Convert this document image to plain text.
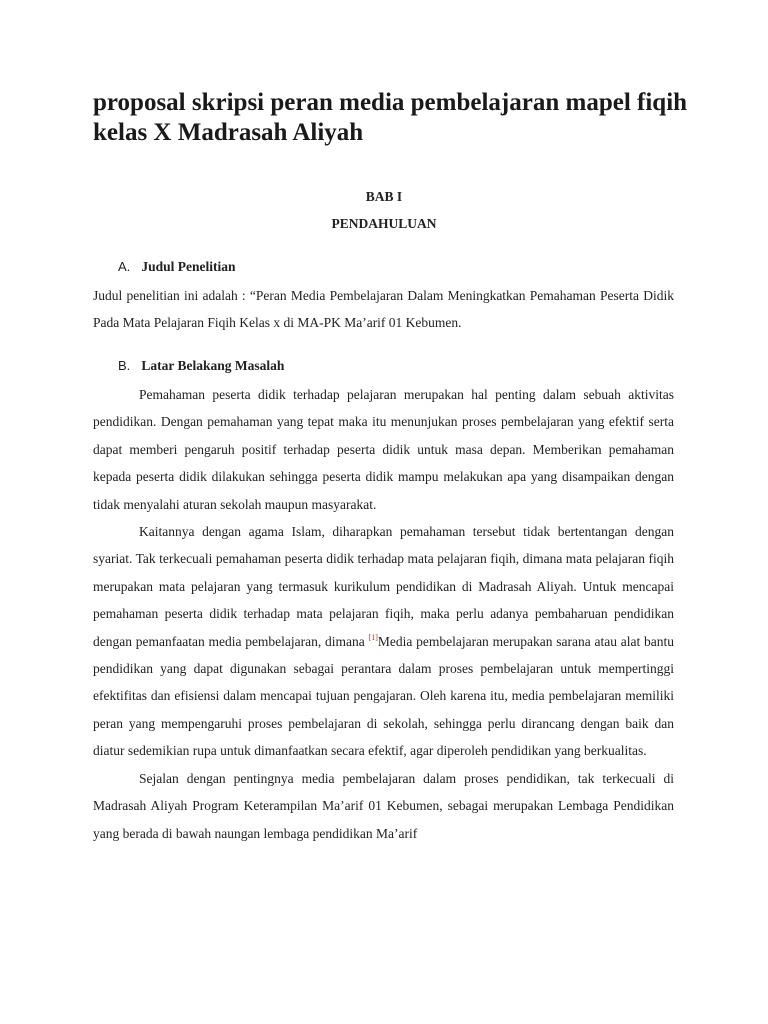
proposal skripsi peran media pembelajaran mapel fiqih kelas X Madrasah Aliyah
BAB I
PENDAHULUAN
A. Judul Penelitian

Judul penelitian ini adalah : “Peran Media Pembelajaran Dalam Meningkatkan Pemahaman Peserta Didik Pada Mata Pelajaran Fiqih Kelas x di MA-PK Ma’arif 01 Kebumen.

B. Latar Belakang Masalah

Pemahaman peserta didik terhadap pelajaran merupakan hal penting dalam sebuah aktivitas pendidikan. Dengan pemahaman yang tepat maka itu menunjukan proses pembelajaran yang efektif serta dapat memberi pengaruh positif terhadap peserta didik untuk masa depan. Memberikan pemahaman kepada peserta didik dilakukan sehingga peserta didik mampu melakukan apa yang disampaikan dengan tidak menyalahi aturan sekolah maupun masyarakat.

Kaitannya dengan agama Islam, diharapkan pemahaman tersebut tidak bertentangan dengan syariat. Tak terkecuali pemahaman peserta didik terhadap mata pelajaran fiqih, dimana mata pelajaran fiqih merupakan mata pelajaran yang termasuk kurikulum pendidikan di Madrasah Aliyah. Untuk mencapai pemahaman peserta didik terhadap mata pelajaran fiqih, maka perlu adanya pembaharuan pendidikan dengan pemanfaatan media pembelajaran, dimana [1]Media pembelajaran merupakan sarana atau alat bantu pendidikan yang dapat digunakan sebagai perantara dalam proses pembelajaran untuk mempertinggi efektifitas dan efisiensi dalam mencapai tujuan pengajaran. Oleh karena itu, media pembelajaran memiliki peran yang mempengaruhi proses pembelajaran di sekolah, sehingga perlu dirancang dengan baik dan diatur sedemikian rupa untuk dimanfaatkan secara efektif, agar diperoleh pendidikan yang berkualitas.

Sejalan dengan pentingnya media pembelajaran dalam proses pendidikan, tak terkecuali di Madrasah Aliyah Program Keterampilan Ma’arif 01 Kebumen, sebagai merupakan Lembaga Pendidikan yang berada di bawah naungan lembaga pendidikan Ma’arif
